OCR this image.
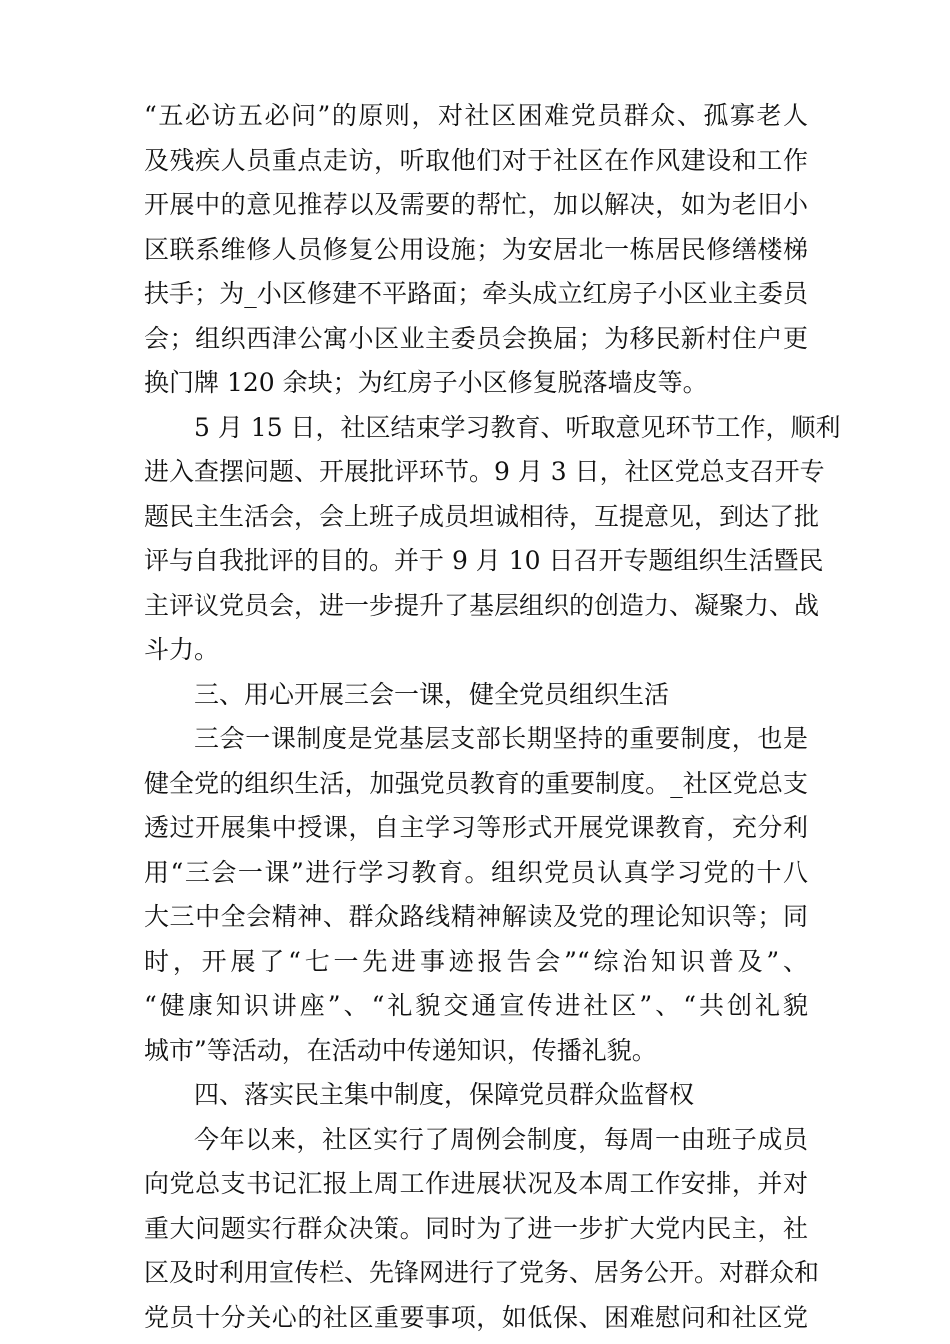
“五必访五必问”的原则，对社区困难党员群众、孤寡老人
及残疾人员重点走访，听取他们对于社区在作风建设和工作
开展中的意见推荐以及需要的帮忙，加以解决，如为老旧小
区联系维修人员修复公用设施；为安居北一栋居民修缮楼梯
扶手；为_小区修建不平路面；牵头成立红房子小区业主委员
会；组织西津公寓小区业主委员会换届；为移民新村住户更
换门牌 120 余块；为红房子小区修复脱落墙皮等。
5 月 15 日，社区结束学习教育、听取意见环节工作，顺利
进入查摆问题、开展批评环节。9 月 3 日，社区党总支召开专
题民主生活会，会上班子成员坦诚相待，互提意见，到达了批
评与自我批评的目的。并于 9 月 10 日召开专题组织生活暨民
主评议党员会，进一步提升了基层组织的创造力、凝聚力、战
斗力。
三、用心开展三会一课，健全党员组织生活
三会一课制度是党基层支部长期坚持的重要制度，也是
健全党的组织生活，加强党员教育的重要制度。_社区党总支
透过开展集中授课，自主学习等形式开展党课教育，充分利
用“三会一课”进行学习教育。组织党员认真学习党的十八
大三中全会精神、群众路线精神解读及党的理论知识等；同
时，开展了“七一先进事迹报告会”“综治知识普及”、
“健康知识讲座”、“礼貌交通宣传进社区”、“共创礼貌
城市”等活动，在活动中传递知识，传播礼貌。
四、落实民主集中制度，保障党员群众监督权
今年以来，社区实行了周例会制度，每周一由班子成员
向党总支书记汇报上周工作进展状况及本周工作安排，并对
重大问题实行群众决策。同时为了进一步扩大党内民主，社
区及时利用宣传栏、先锋网进行了党务、居务公开。对群众和
党员十分关心的社区重要事项，如低保、困难慰问和社区党
